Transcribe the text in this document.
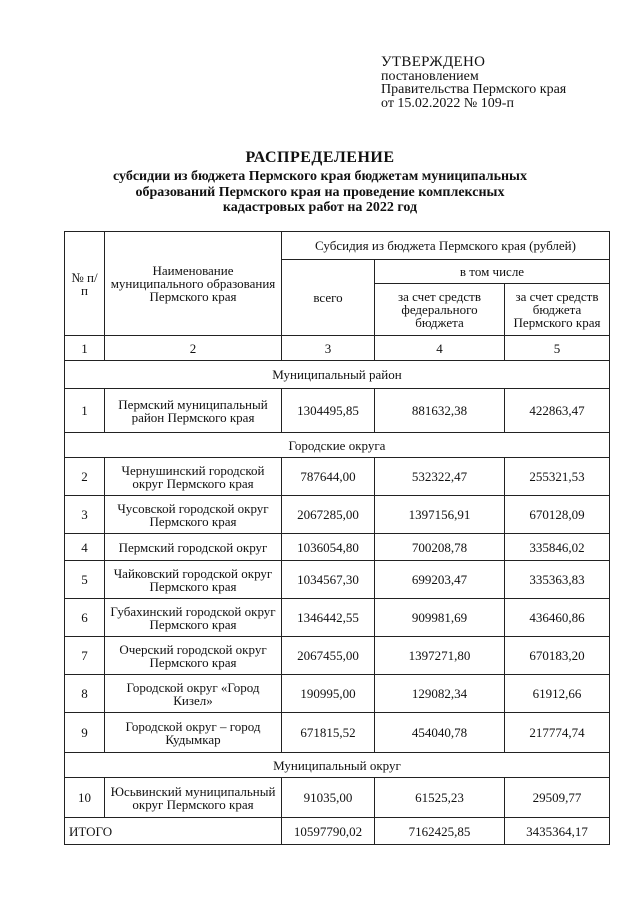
УТВЕРЖДЕНО
постановлением
Правительства Пермского края
от 15.02.2022 № 109-п
РАСПРЕДЕЛЕНИЕ
субсидии из бюджета Пермского края бюджетам муниципальных
образований Пермского края на проведение комплексных
кадастровых работ на 2022 год
№ п/п	Наименование муниципального образования Пермского края	Субсидия из бюджета Пермского края (рублей)		
		всего	в том числе	
			за счет средств федерального бюджета	за счет средств бюджета Пермского края
1	2	3	4	5
Муниципальный район				
1	Пермский муниципальный район Пермского края	1304495,85	881632,38	422863,47
Городские округа				
2	Чернушинский городской округ Пермского края	787644,00	532322,47	255321,53
3	Чусовской городской округ Пермского края	2067285,00	1397156,91	670128,09
4	Пермский городской округ	1036054,80	700208,78	335846,02
5	Чайковский городской округ Пермского края	1034567,30	699203,47	335363,83
6	Губахинский городской округ Пермского края	1346442,55	909981,69	436460,86
7	Очерский городской округ Пермского края	2067455,00	1397271,80	670183,20
8	Городской округ «Город Кизел»	190995,00	129082,34	61912,66
9	Городской округ – город Кудымкар	671815,52	454040,78	217774,74
Муниципальный округ				
10	Юсьвинский муниципальный округ Пермского края	91035,00	61525,23	29509,77
ИТОГО		10597790,02	7162425,85	3435364,17
